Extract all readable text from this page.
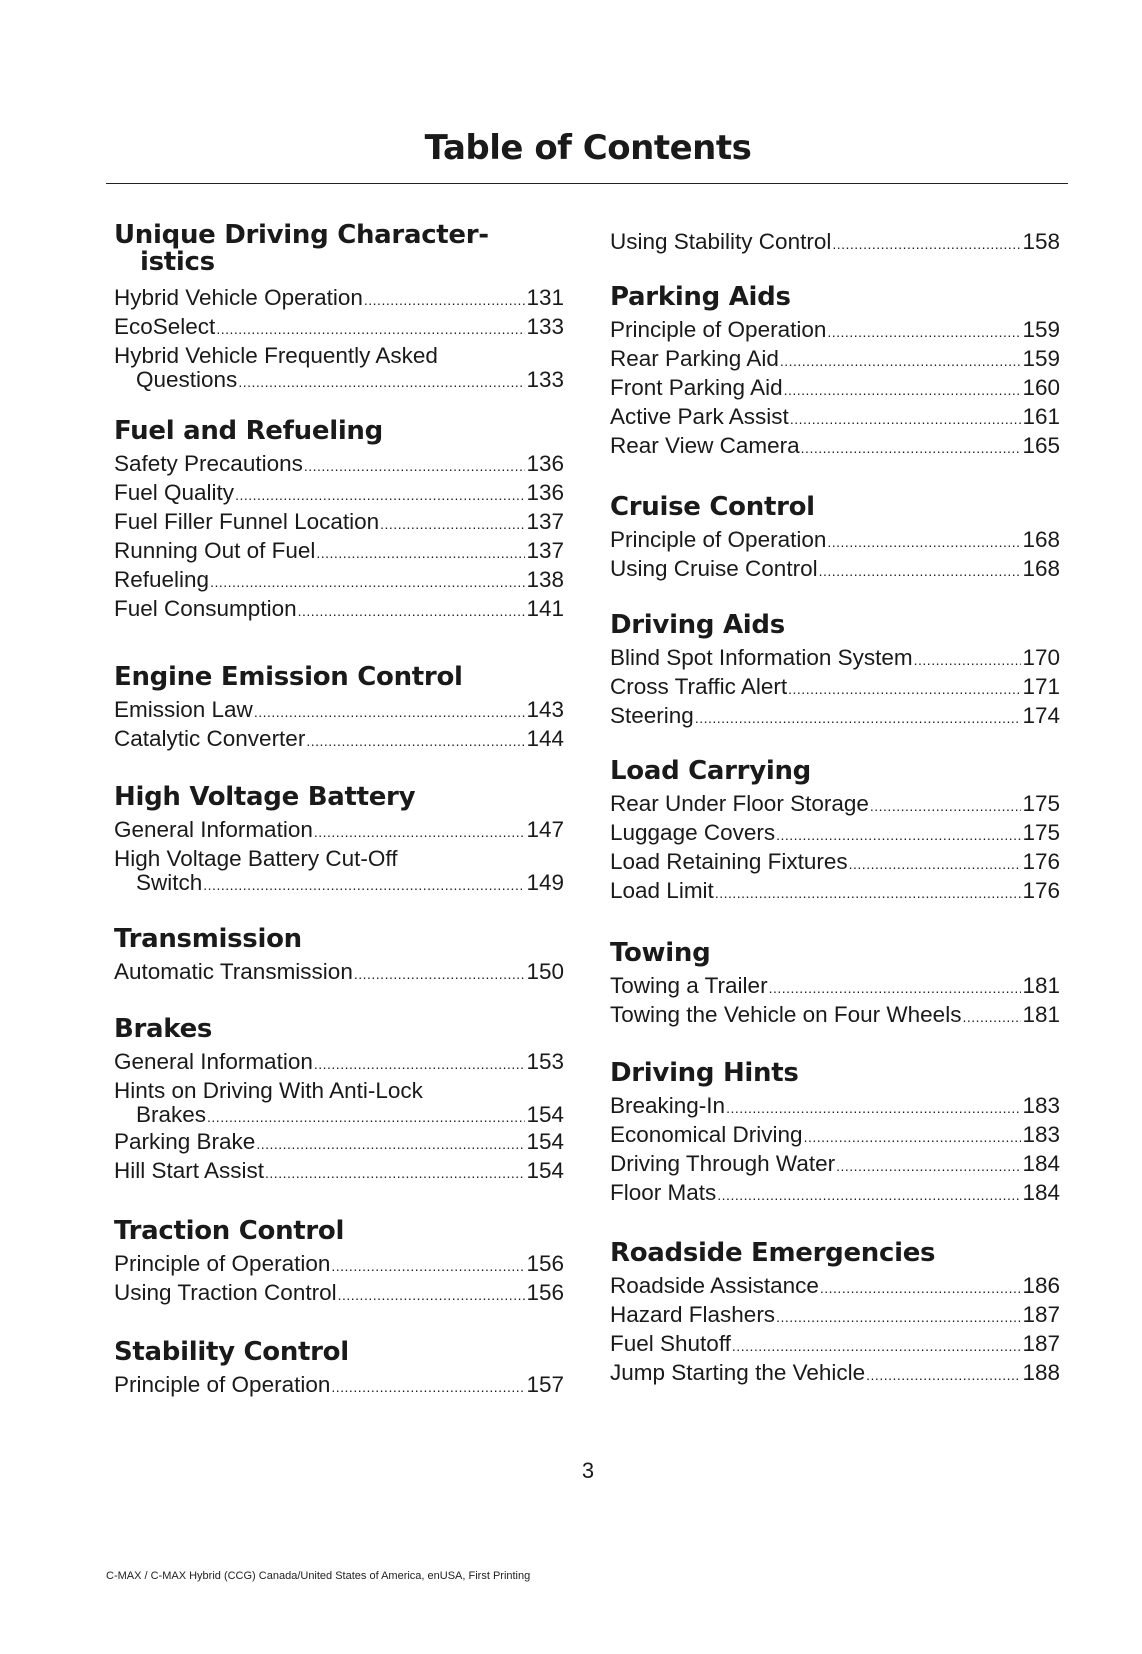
Table of Contents
Unique Driving Character-
istics
Hybrid Vehicle Operation .....	131
EcoSelect .....	133
Hybrid Vehicle Frequently Asked
Questions .....	133
Fuel and Refueling
Safety Precautions .....	136
Fuel Quality .....	136
Fuel Filler Funnel Location .....	137
Running Out of Fuel .....	137
Refueling .....	138
Fuel Consumption .....	141
Engine Emission Control
Emission Law .....	143
Catalytic Converter .....	144
High Voltage Battery
General Information .....	147
High Voltage Battery Cut-Off
Switch .....	149
Transmission
Automatic Transmission .....	150
Brakes
General Information .....	153
Hints on Driving With Anti-Lock
Brakes .....	154
Parking Brake .....	154
Hill Start Assist .....	154
Traction Control
Principle of Operation .....	156
Using Traction Control .....	156
Stability Control
Principle of Operation .....	157
Using Stability Control .....	158
Parking Aids
Principle of Operation .....	159
Rear Parking Aid .....	159
Front Parking Aid .....	160
Active Park Assist .....	161
Rear View Camera .....	165
Cruise Control
Principle of Operation .....	168
Using Cruise Control .....	168
Driving Aids
Blind Spot Information System .....	170
Cross Traffic Alert .....	171
Steering .....	174
Load Carrying
Rear Under Floor Storage .....	175
Luggage Covers .....	175
Load Retaining Fixtures .....	176
Load Limit .....	176
Towing
Towing a Trailer .....	181
Towing the Vehicle on Four Wheels .....	181
Driving Hints
Breaking-In .....	183
Economical Driving .....	183
Driving Through Water .....	184
Floor Mats .....	184
Roadside Emergencies
Roadside Assistance .....	186
Hazard Flashers .....	187
Fuel Shutoff .....	187
Jump Starting the Vehicle .....	188
3
C-MAX / C-MAX Hybrid (CCG) Canada/United States of America, enUSA, First Printing
